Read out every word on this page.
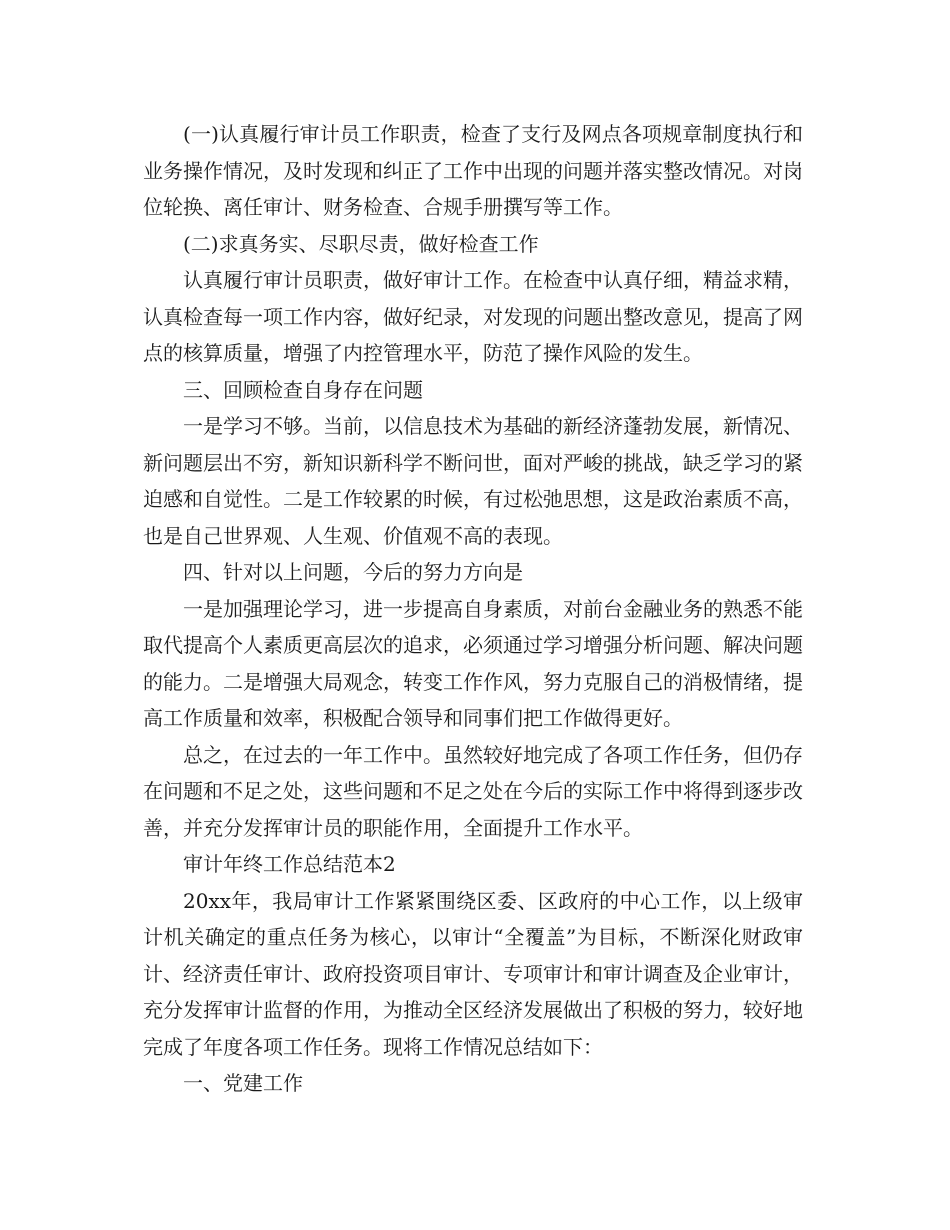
(一)认真履行审计员工作职责，检查了支行及网点各项规章制度执行和业务操作情况，及时发现和纠正了工作中出现的问题并落实整改情况。对岗位轮换、离任审计、财务检查、合规手册撰写等工作。

(二)求真务实、尽职尽责，做好检查工作

认真履行审计员职责，做好审计工作。在检查中认真仔细，精益求精，认真检查每一项工作内容，做好纪录，对发现的问题出整改意见，提高了网点的核算质量，增强了内控管理水平，防范了操作风险的发生。

三、回顾检查自身存在问题

一是学习不够。当前，以信息技术为基础的新经济蓬勃发展，新情况、新问题层出不穷，新知识新科学不断问世，面对严峻的挑战，缺乏学习的紧迫感和自觉性。二是工作较累的时候，有过松弛思想，这是政治素质不高，也是自己世界观、人生观、价值观不高的表现。

四、针对以上问题，今后的努力方向是

一是加强理论学习，进一步提高自身素质，对前台金融业务的熟悉不能取代提高个人素质更高层次的追求，必须通过学习增强分析问题、解决问题的能力。二是增强大局观念，转变工作作风，努力克服自己的消极情绪，提高工作质量和效率，积极配合领导和同事们把工作做得更好。

总之，在过去的一年工作中。虽然较好地完成了各项工作任务，但仍存在问题和不足之处，这些问题和不足之处在今后的实际工作中将得到逐步改善，并充分发挥审计员的职能作用，全面提升工作水平。

审计年终工作总结范本2

20xx年，我局审计工作紧紧围绕区委、区政府的中心工作，以上级审计机关确定的重点任务为核心，以审计“全覆盖”为目标，不断深化财政审计、经济责任审计、政府投资项目审计、专项审计和审计调查及企业审计，充分发挥审计监督的作用，为推动全区经济发展做出了积极的努力，较好地完成了年度各项工作任务。现将工作情况总结如下：

一、党建工作
